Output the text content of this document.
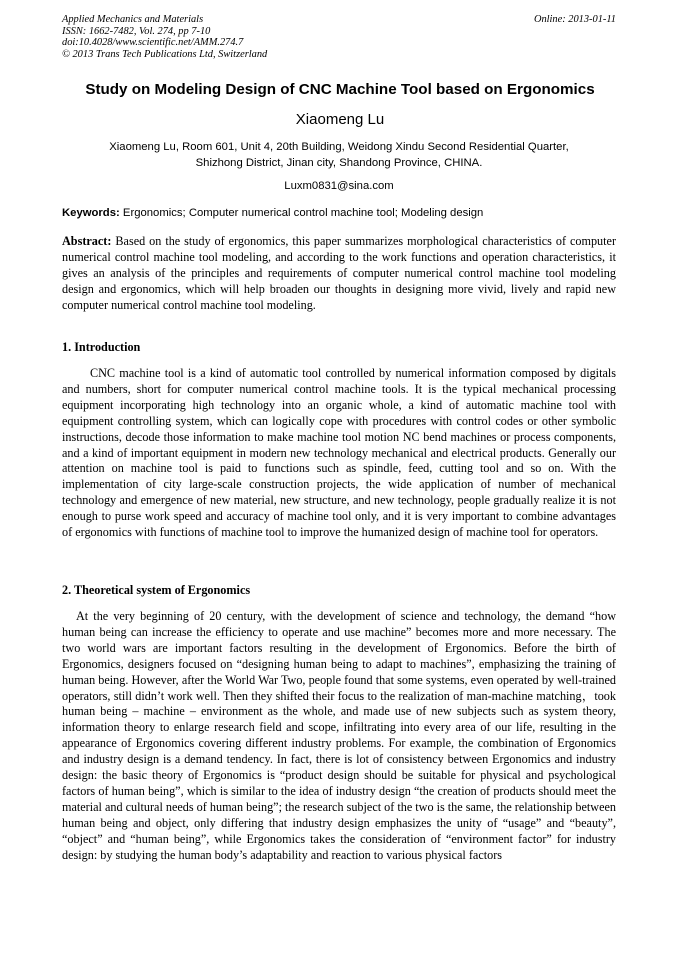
Applied Mechanics and Materials
ISSN: 1662-7482, Vol. 274, pp 7-10
doi:10.4028/www.scientific.net/AMM.274.7
© 2013 Trans Tech Publications Ltd, Switzerland
Online: 2013-01-11
Study on Modeling Design of CNC Machine Tool based on Ergonomics
Xiaomeng Lu
Xiaomeng Lu, Room 601, Unit 4, 20th Building, Weidong Xindu Second Residential Quarter,
Shizhong District, Jinan city, Shandong Province, CHINA.
Luxm0831@sina.com
Keywords: Ergonomics; Computer numerical control machine tool; Modeling design
Abstract: Based on the study of ergonomics, this paper summarizes morphological characteristics of computer numerical control machine tool modeling, and according to the work functions and operation characteristics, it gives an analysis of the principles and requirements of computer numerical control machine tool modeling design and ergonomics, which will help broaden our thoughts in designing more vivid, lively and rapid new computer numerical control machine tool modeling.
1. Introduction
CNC machine tool is a kind of automatic tool controlled by numerical information composed by digitals and numbers, short for computer numerical control machine tools. It is the typical mechanical processing equipment incorporating high technology into an organic whole, a kind of automatic machine tool with equipment controlling system, which can logically cope with procedures with control codes or other symbolic instructions, decode those information to make machine tool motion NC bend machines or process components, and a kind of important equipment in modern new technology mechanical and electrical products. Generally our attention on machine tool is paid to functions such as spindle, feed, cutting tool and so on. With the implementation of city large-scale construction projects, the wide application of number of mechanical technology and emergence of new material, new structure, and new technology, people gradually realize it is not enough to purse work speed and accuracy of machine tool only, and it is very important to combine advantages of ergonomics with functions of machine tool to improve the humanized design of machine tool for operators.
2. Theoretical system of Ergonomics
At the very beginning of 20 century, with the development of science and technology, the demand “how human being can increase the efficiency to operate and use machine” becomes more and more necessary. The two world wars are important factors resulting in the development of Ergonomics. Before the birth of Ergonomics, designers focused on “designing human being to adapt to machines”, emphasizing the training of human being. However, after the World War Two, people found that some systems, even operated by well-trained operators, still didn’t work well. Then they shifted their focus to the realization of man-machine matching，took human being – machine – environment as the whole, and made use of new subjects such as system theory, information theory to enlarge research field and scope, infiltrating into every area of our life, resulting in the appearance of Ergonomics covering different industry problems. For example, the combination of Ergonomics and industry design is a demand tendency. In fact, there is lot of consistency between Ergonomics and industry design: the basic theory of Ergonomics is “product design should be suitable for physical and psychological factors of human being”, which is similar to the idea of industry design “the creation of products should meet the material and cultural needs of human being”; the research subject of the two is the same, the relationship between human being and object, only differing that industry design emphasizes the unity of “usage” and “beauty”, “object” and “human being”, while Ergonomics takes the consideration of “environment factor” for industry design: by studying the human body’s adaptability and reaction to various physical factors
